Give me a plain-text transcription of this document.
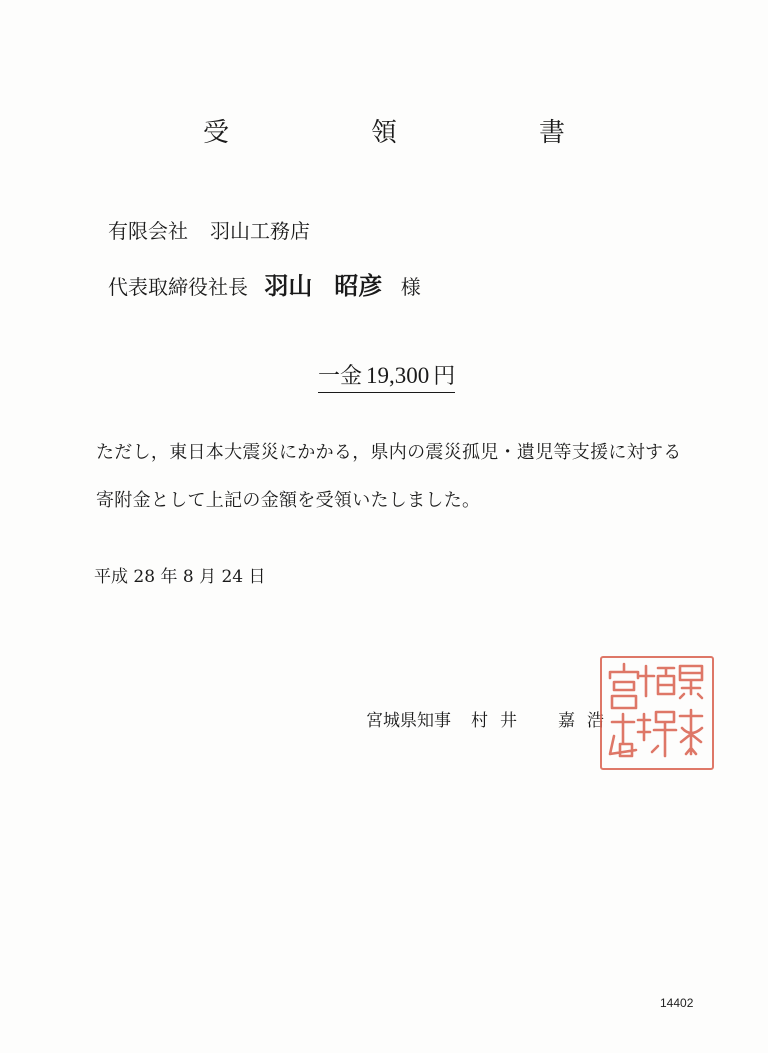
受　領　書
有限会社 羽山工務店
代表取締役社長 羽山 昭彦 様
一金 19,300 円
ただし，東日本大震災にかかる，県内の震災孤児・遺児等支援に対する
寄附金として上記の金額を受領いたしました。
平成 28 年 8 月 24 日
宮城県知事 村井　嘉浩
14402
